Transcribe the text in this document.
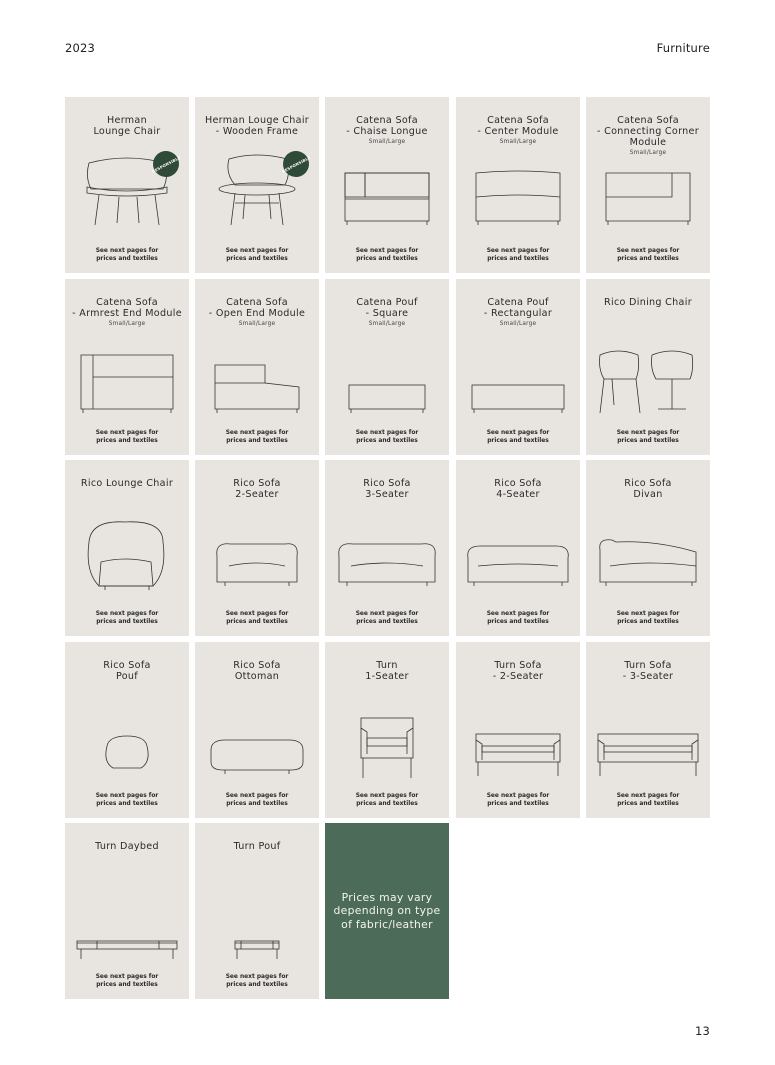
2023	Furniture
Herman
Lounge Chair
RESPONSIBLE
See next pages for
prices and textiles
Herman Louge Chair
- Wooden Frame
RESPONSIBLE
See next pages for
prices and textiles
Catena Sofa
- Chaise Longue
Small/Large
See next pages for
prices and textiles
Catena Sofa
- Center Module
Small/Large
See next pages for
prices and textiles
Catena Sofa
- Connecting Corner
Module
Small/Large
See next pages for
prices and textiles
Catena Sofa
- Armrest End Module
Small/Large
See next pages for
prices and textiles
Catena Sofa
- Open End Module
Small/Large
See next pages for
prices and textiles
Catena Pouf
- Square
Small/Large
See next pages for
prices and textiles
Catena Pouf
- Rectangular
Small/Large
See next pages for
prices and textiles
Rico Dining Chair
See next pages for
prices and textiles
Rico Lounge Chair
See next pages for
prices and textiles
Rico Sofa
2-Seater
See next pages for
prices and textiles
Rico Sofa
3-Seater
See next pages for
prices and textiles
Rico Sofa
4-Seater
See next pages for
prices and textiles
Rico Sofa
Divan
See next pages for
prices and textiles
Rico Sofa
Pouf
See next pages for
prices and textiles
Rico Sofa
Ottoman
See next pages for
prices and textiles
Turn
1-Seater
See next pages for
prices and textiles
Turn Sofa
- 2-Seater
See next pages for
prices and textiles
Turn Sofa
- 3-Seater
See next pages for
prices and textiles
Turn Daybed
See next pages for
prices and textiles
Turn Pouf
See next pages for
prices and textiles
Prices may vary
depending on type
of fabric/leather
13
